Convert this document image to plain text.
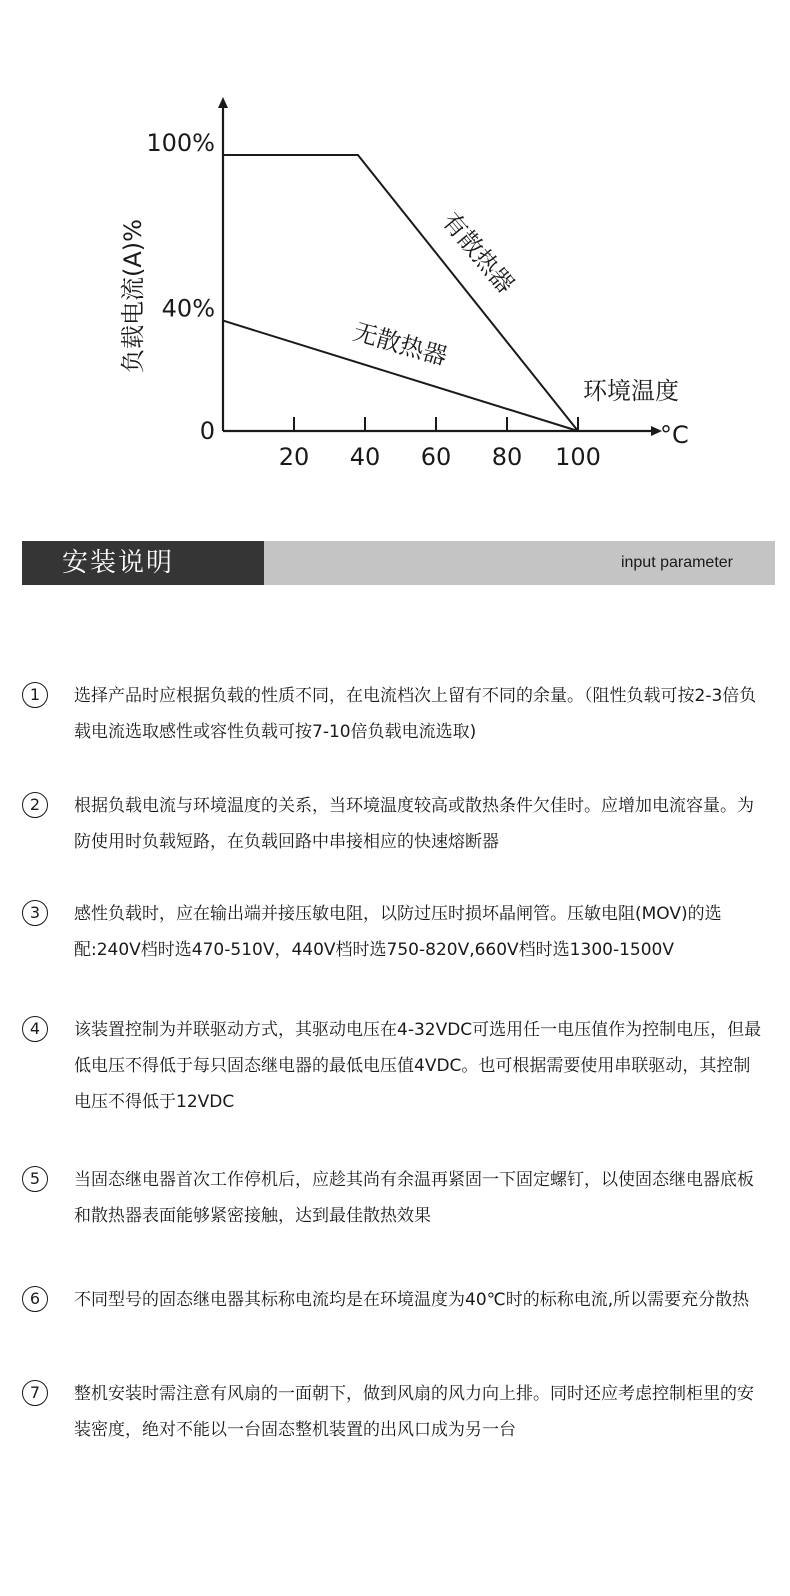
20 40 60 80 100
100%
40%
0
有散热器
无散热器
负载电流(A)%
环境温度
°C
安装说明	input parameter
1	选择产品时应根据负载的性质不同，在电流档次上留有不同的余量。（阻性负载可按2-3倍负载电流选取感性或容性负载可按7-10倍负载电流选取)
2	根据负载电流与环境温度的关系，当环境温度较高或散热条件欠佳时。应增加电流容量。为防使用时负载短路，在负载回路中串接相应的快速熔断器
3	感性负载时，应在输出端并接压敏电阻，以防过压时损坏晶闸管。压敏电阻(MOV)的选配:240V档时选470-510V，440V档时选750-820V,660V档时选1300-1500V
4	该装置控制为并联驱动方式，其驱动电压在4-32VDC可选用任一电压值作为控制电压，但最低电压不得低于每只固态继电器的最低电压值4VDC。也可根据需要使用串联驱动，其控制电压不得低于12VDC
5	当固态继电器首次工作停机后，应趁其尚有余温再紧固一下固定螺钉，以使固态继电器底板和散热器表面能够紧密接触，达到最佳散热效果
6	不同型号的固态继电器其标称电流均是在环境温度为40℃时的标称电流,所以需要充分散热
7	整机安装时需注意有风扇的一面朝下，做到风扇的风力向上排。同时还应考虑控制柜里的安装密度，绝对不能以一台固态整机装置的出风口成为另一台
